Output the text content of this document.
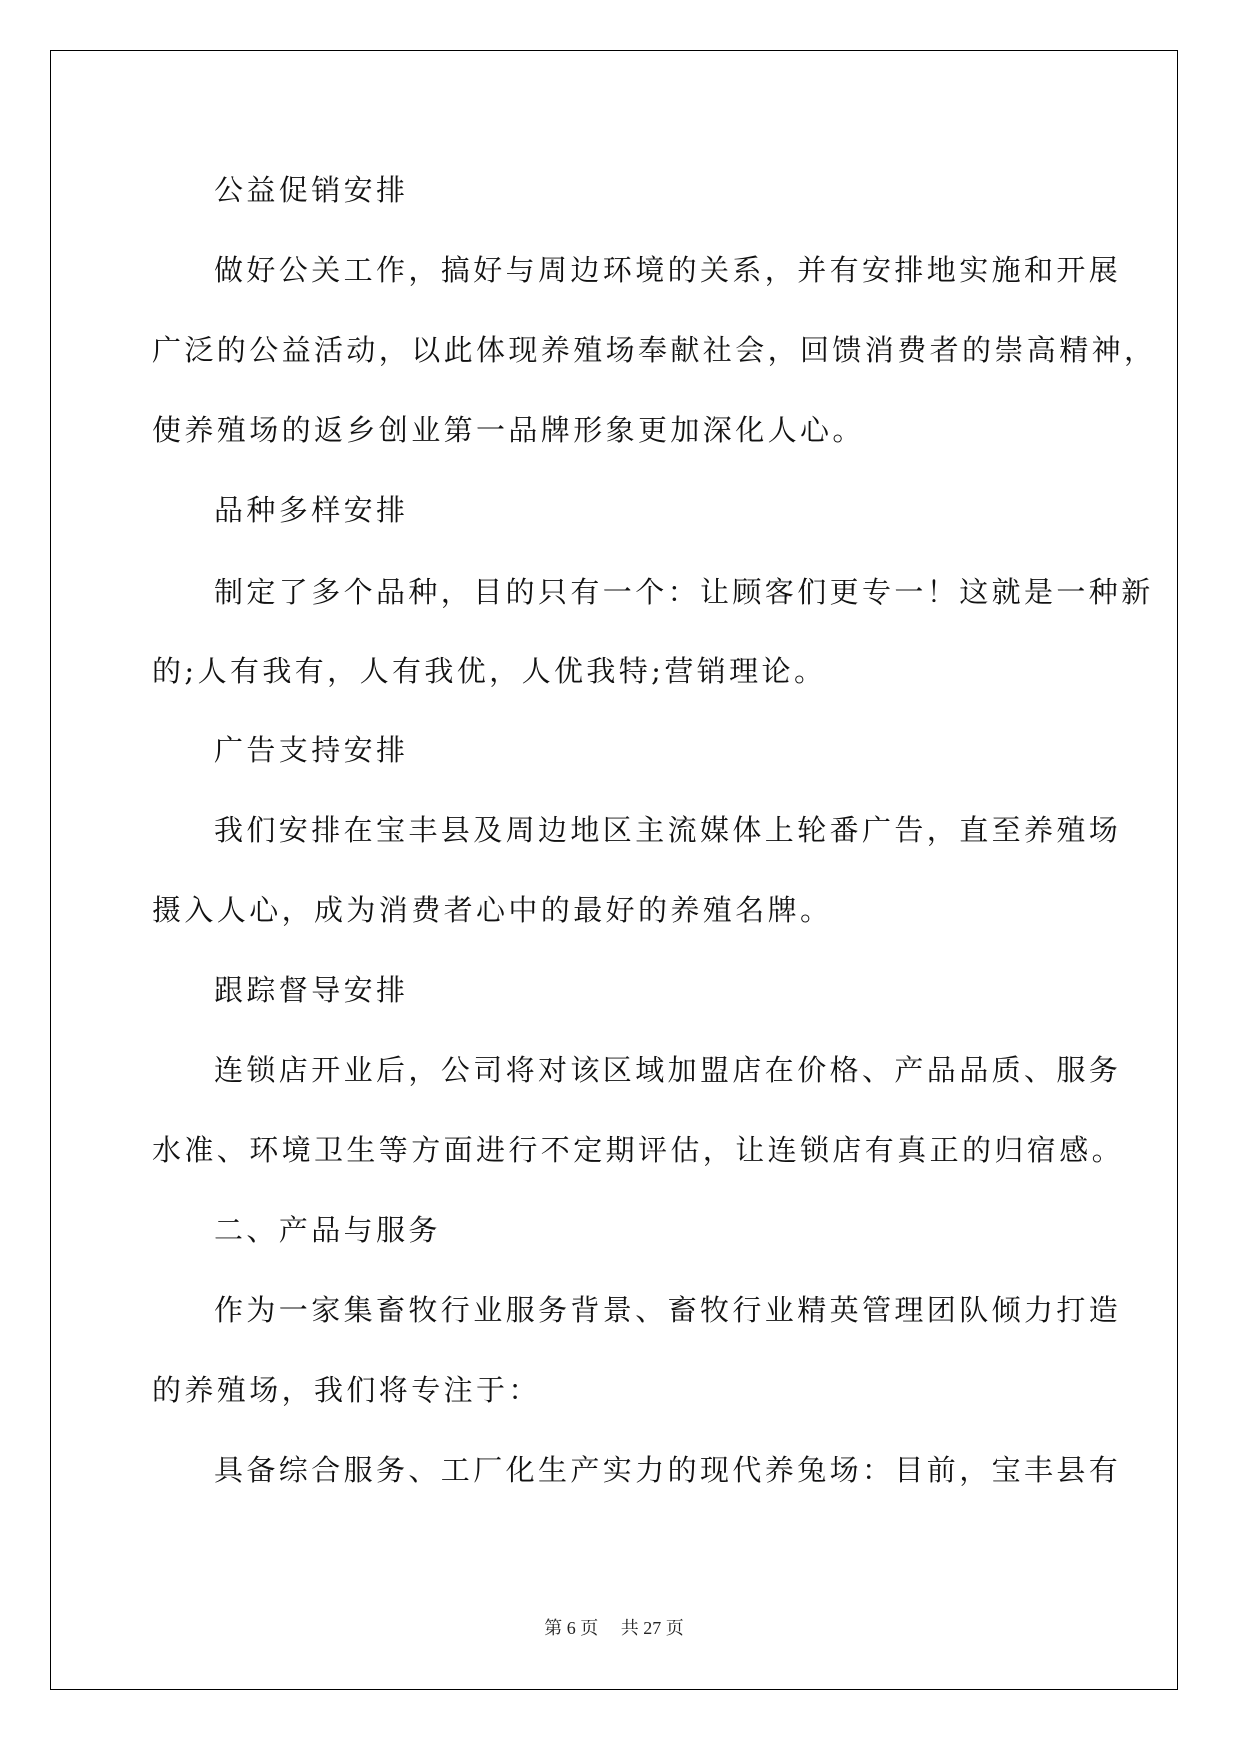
公益促销安排

做好公关工作，搞好与周边环境的关系，并有安排地实施和开展

广泛的公益活动，以此体现养殖场奉献社会，回馈消费者的崇高精神，

使养殖场的返乡创业第一品牌形象更加深化人心。

品种多样安排

制定了多个品种，目的只有一个：让顾客们更专一！这就是一种新

的;人有我有，人有我优，人优我特;营销理论。

广告支持安排

我们安排在宝丰县及周边地区主流媒体上轮番广告，直至养殖场

摄入人心，成为消费者心中的最好的养殖名牌。

跟踪督导安排

连锁店开业后，公司将对该区域加盟店在价格、产品品质、服务

水准、环境卫生等方面进行不定期评估，让连锁店有真正的归宿感。

二、产品与服务

作为一家集畜牧行业服务背景、畜牧行业精英管理团队倾力打造

的养殖场，我们将专注于：

具备综合服务、工厂化生产实力的现代养兔场：目前，宝丰县有

第 6 页 共 27 页
